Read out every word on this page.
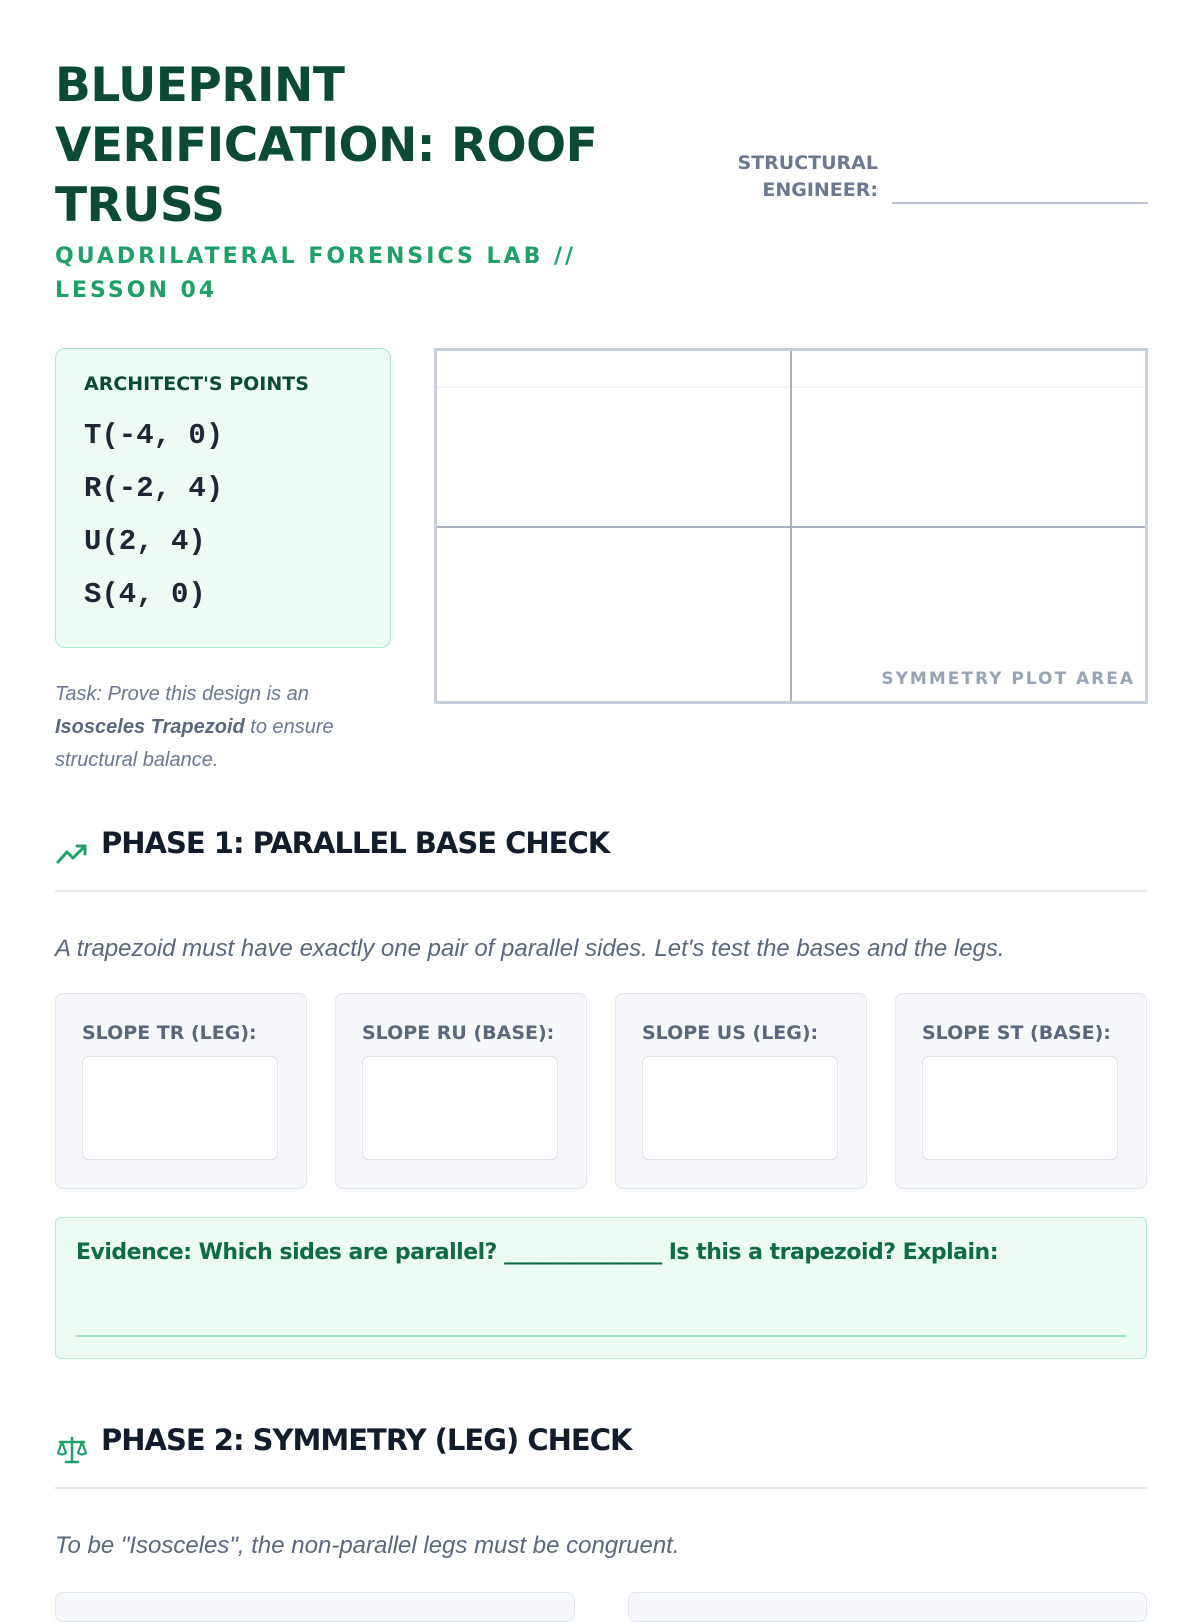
BLUEPRINT VERIFICATION: ROOF TRUSS
QUADRILATERAL FORENSICS LAB // LESSON 04
STRUCTURAL ENGINEER:
ARCHITECT'S POINTS
T(-4, 0)
R(-2, 4)
U(2, 4)
S(4, 0)
Task: Prove this design is an Isosceles Trapezoid to ensure structural balance.
SYMMETRY PLOT AREA
PHASE 1: PARALLEL BASE CHECK
A trapezoid must have exactly one pair of parallel sides. Let's test the bases and the legs.
SLOPE TR (LEG):	SLOPE RU (BASE):	SLOPE US (LEG):	SLOPE ST (BASE):
Evidence: Which sides are parallel? _______________ Is this a trapezoid? Explain:
PHASE 2: SYMMETRY (LEG) CHECK
To be "Isosceles", the non-parallel legs must be congruent.
